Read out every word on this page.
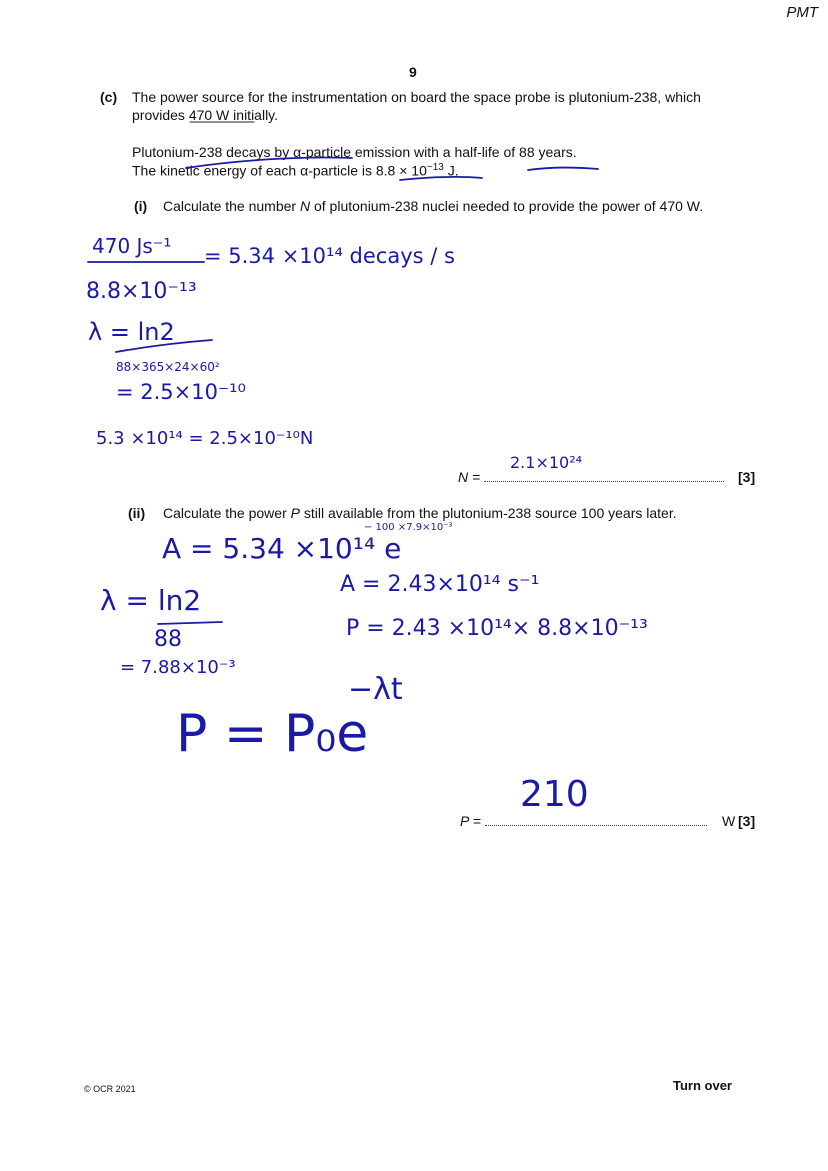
PMT
9
(c) The power source for the instrumentation on board the space probe is plutonium-238, which
provides 470 W initially.
Plutonium-238 decays by α-particle emission with a half-life of 88 years.
The kinetic energy of each α-particle is $8.8 \times 10^{-13}$ J.
(i) Calculate the number N of plutonium-238 nuclei needed to provide the power of 470 W.
N =	[3]
(ii) Calculate the power P still available from the plutonium-238 source 100 years later.
P =	W [3]
470 Js⁻¹ = 5.34 ×10¹⁴ decays / s
8.8×10⁻¹³
λ = ln2
88×365×24×60²
= 2.5×10⁻¹⁰
5.3 ×10¹⁴ = 2.5×10⁻¹⁰N
2.1×10²⁴
− 100 ×7.9×10⁻³
A = 5.34 ×10¹⁴ e
λ = ln2
88
= 7.88×10⁻³
A = 2.43×10¹⁴ s⁻¹
P = 2.43 ×10¹⁴× 8.8×10⁻¹³
−λt
P = P₀e
210
© OCR 2021	Turn over
